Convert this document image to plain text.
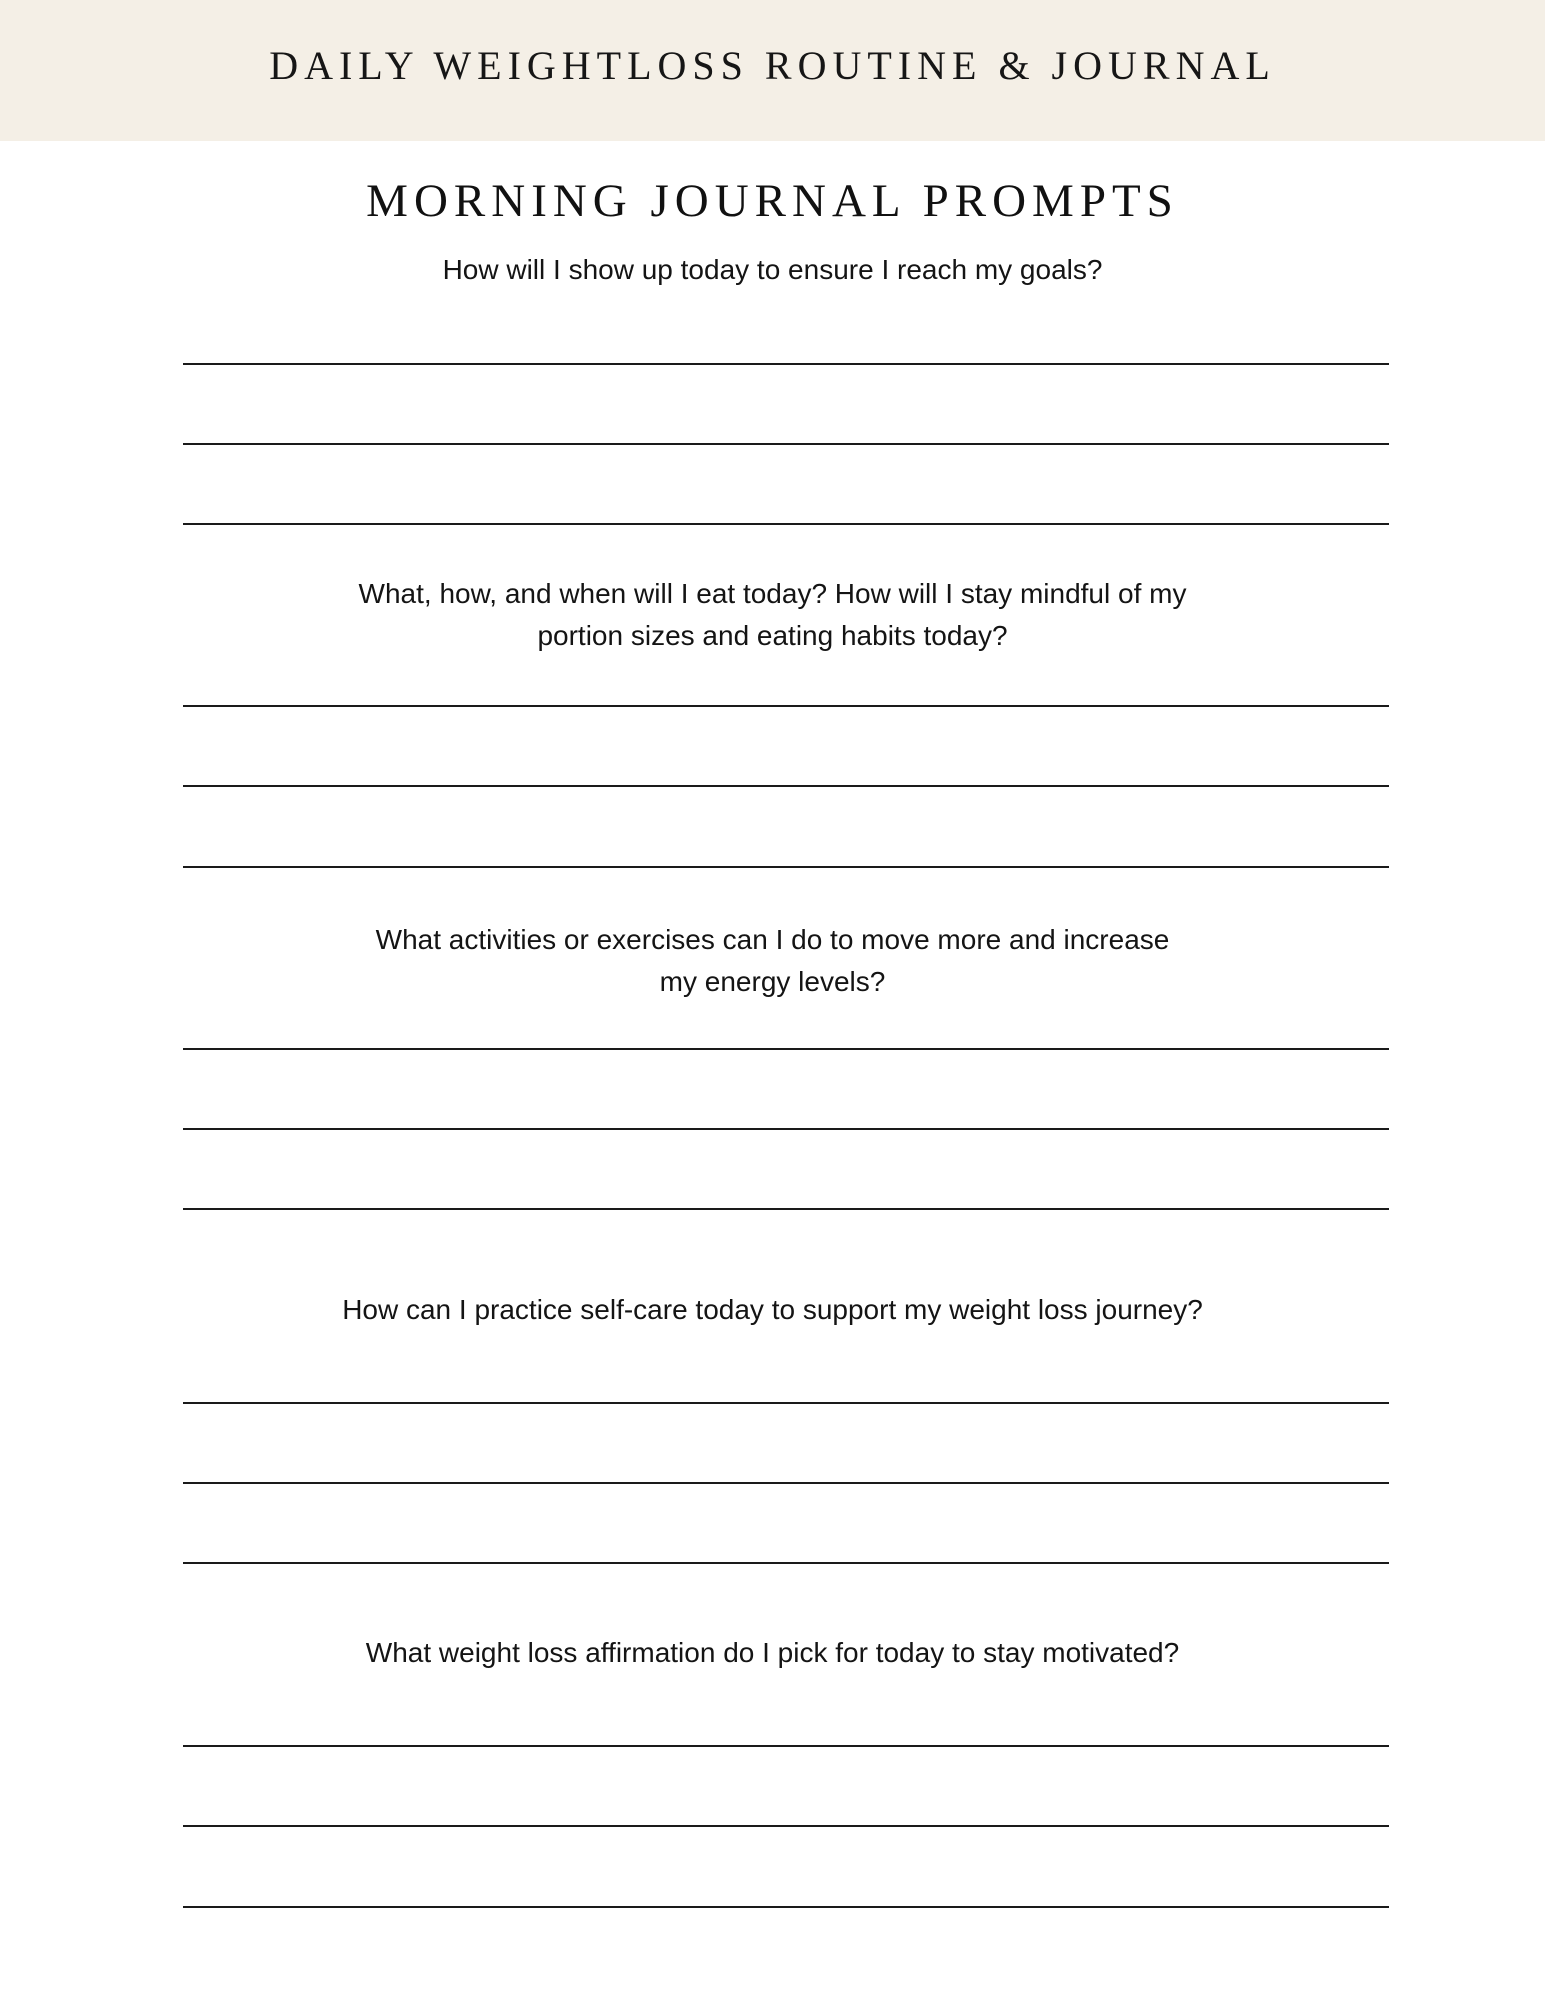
DAILY WEIGHTLOSS ROUTINE & JOURNAL
MORNING JOURNAL PROMPTS
How will I show up today to ensure I reach my goals?
What, how, and when will I eat today? How will I stay mindful of my
portion sizes and eating habits today?
What activities or exercises can I do to move more and increase
my energy levels?
How can I practice self-care today to support my weight loss journey?
What weight loss affirmation do I pick for today to stay motivated?
